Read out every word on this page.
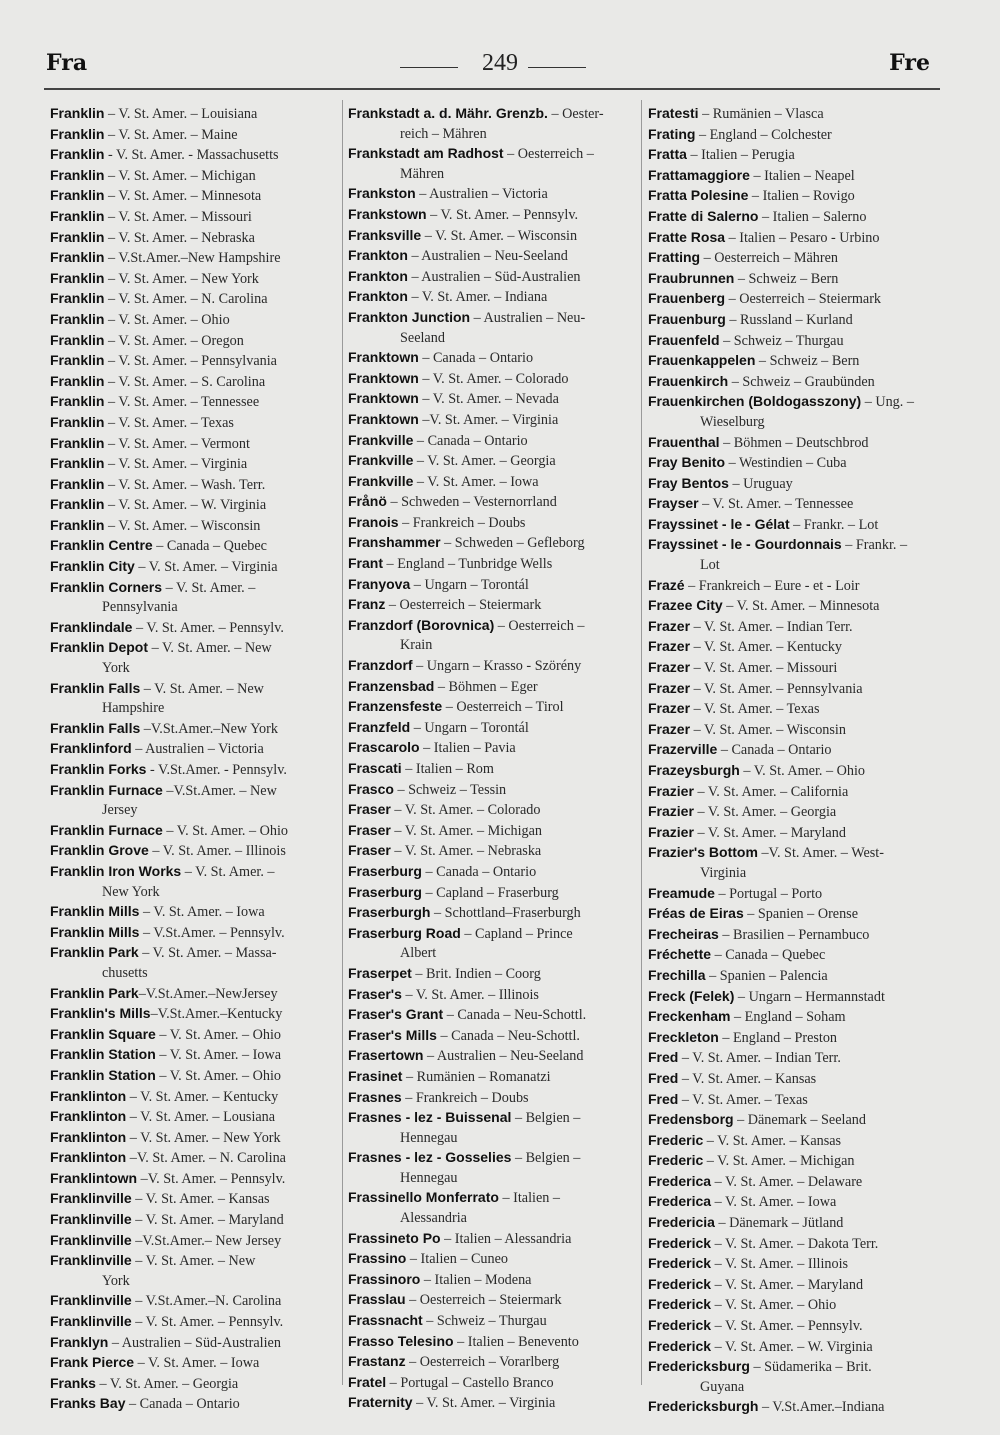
Fra	249	Fre
Franklin – V. St. Amer. – Louisiana
Franklin – V. St. Amer. – Maine
Franklin - V. St. Amer. - Massachusetts
Franklin – V. St. Amer. – Michigan
Franklin – V. St. Amer. – Minnesota
Franklin – V. St. Amer. – Missouri
Franklin – V. St. Amer. – Nebraska
Franklin – V.St.Amer.–New Hampshire
Franklin – V. St. Amer. – New York
Franklin – V. St. Amer. – N. Carolina
Franklin – V. St. Amer. – Ohio
Franklin – V. St. Amer. – Oregon
Franklin – V. St. Amer. – Pennsylvania
Franklin – V. St. Amer. – S. Carolina
Franklin – V. St. Amer. – Tennessee
Franklin – V. St. Amer. – Texas
Franklin – V. St. Amer. – Vermont
Franklin – V. St. Amer. – Virginia
Franklin – V. St. Amer. – Wash. Terr.
Franklin – V. St. Amer. – W. Virginia
Franklin – V. St. Amer. – Wisconsin
Franklin Centre – Canada – Quebec
Franklin City – V. St. Amer. – Virginia
Franklin Corners – V. St. Amer. –
Pennsylvania
Franklindale – V. St. Amer. – Pennsylv.
Franklin Depot – V. St. Amer. – New
York
Franklin Falls – V. St. Amer. – New
Hampshire
Franklin Falls –V.St.Amer.–New York
Franklinford – Australien – Victoria
Franklin Forks - V.St.Amer. - Pennsylv.
Franklin Furnace –V.St.Amer. – New
Jersey
Franklin Furnace – V. St. Amer. – Ohio
Franklin Grove – V. St. Amer. – Illinois
Franklin Iron Works – V. St. Amer. –
New York
Franklin Mills – V. St. Amer. – Iowa
Franklin Mills – V.St.Amer. – Pennsylv.
Franklin Park – V. St. Amer. – Massa-
chusetts
Franklin Park–V.St.Amer.–NewJersey
Franklin's Mills–V.St.Amer.–Kentucky
Franklin Square – V. St. Amer. – Ohio
Franklin Station – V. St. Amer. – Iowa
Franklin Station – V. St. Amer. – Ohio
Franklinton – V. St. Amer. – Kentucky
Franklinton – V. St. Amer. – Lousiana
Franklinton – V. St. Amer. – New York
Franklinton –V. St. Amer. – N. Carolina
Franklintown –V. St. Amer. – Pennsylv.
Franklinville – V. St. Amer. – Kansas
Franklinville – V. St. Amer. – Maryland
Franklinville –V.St.Amer.– New Jersey
Franklinville – V. St. Amer. – New
York
Franklinville – V.St.Amer.–N. Carolina
Franklinville – V. St. Amer. – Pennsylv.
Franklyn – Australien – Süd-Australien
Frank Pierce – V. St. Amer. – Iowa
Franks – V. St. Amer. – Georgia
Franks Bay – Canada – Ontario
Frankstadt a. d. Mähr. Grenzb. – Oester-
reich – Mähren
Frankstadt am Radhost – Oesterreich –
Mähren
Frankston – Australien – Victoria
Frankstown – V. St. Amer. – Pennsylv.
Franksville – V. St. Amer. – Wisconsin
Frankton – Australien – Neu-Seeland
Frankton – Australien – Süd-Australien
Frankton – V. St. Amer. – Indiana
Frankton Junction – Australien – Neu-
Seeland
Franktown – Canada – Ontario
Franktown – V. St. Amer. – Colorado
Franktown – V. St. Amer. – Nevada
Franktown –V. St. Amer. – Virginia
Frankville – Canada – Ontario
Frankville – V. St. Amer. – Georgia
Frankville – V. St. Amer. – Iowa
Frånö – Schweden – Vesternorrland
Franois – Frankreich – Doubs
Franshammer – Schweden – Gefleborg
Frant – England – Tunbridge Wells
Franyova – Ungarn – Torontál
Franz – Oesterreich – Steiermark
Franzdorf (Borovnica) – Oesterreich –
Krain
Franzdorf – Ungarn – Krasso - Szörény
Franzensbad – Böhmen – Eger
Franzensfeste – Oesterreich – Tirol
Franzfeld – Ungarn – Torontál
Frascarolo – Italien – Pavia
Frascati – Italien – Rom
Frasco – Schweiz – Tessin
Fraser – V. St. Amer. – Colorado
Fraser – V. St. Amer. – Michigan
Fraser – V. St. Amer. – Nebraska
Fraserburg – Canada – Ontario
Fraserburg – Capland – Fraserburg
Fraserburgh – Schottland–Fraserburgh
Fraserburg Road – Capland – Prince
Albert
Fraserpet – Brit. Indien – Coorg
Fraser's – V. St. Amer. – Illinois
Fraser's Grant – Canada – Neu-Schottl.
Fraser's Mills – Canada – Neu-Schottl.
Frasertown – Australien – Neu-Seeland
Frasinet – Rumänien – Romanatzi
Frasnes – Frankreich – Doubs
Frasnes - lez - Buissenal – Belgien –
Hennegau
Frasnes - lez - Gosselies – Belgien –
Hennegau
Frassinello Monferrato – Italien –
Alessandria
Frassineto Po – Italien – Alessandria
Frassino – Italien – Cuneo
Frassinoro – Italien – Modena
Frasslau – Oesterreich – Steiermark
Frassnacht – Schweiz – Thurgau
Frasso Telesino – Italien – Benevento
Frastanz – Oesterreich – Vorarlberg
Fratel – Portugal – Castello Branco
Fraternity – V. St. Amer. – Virginia
Fratesti – Rumänien – Vlasca
Frating – England – Colchester
Fratta – Italien – Perugia
Frattamaggiore – Italien – Neapel
Fratta Polesine – Italien – Rovigo
Fratte di Salerno – Italien – Salerno
Fratte Rosa – Italien – Pesaro - Urbino
Fratting – Oesterreich – Mähren
Fraubrunnen – Schweiz – Bern
Frauenberg – Oesterreich – Steiermark
Frauenburg – Russland – Kurland
Frauenfeld – Schweiz – Thurgau
Frauenkappelen – Schweiz – Bern
Frauenkirch – Schweiz – Graubünden
Frauenkirchen (Boldogasszony) – Ung. –
Wieselburg
Frauenthal – Böhmen – Deutschbrod
Fray Benito – Westindien – Cuba
Fray Bentos – Uruguay
Frayser – V. St. Amer. – Tennessee
Frayssinet - le - Gélat – Frankr. – Lot
Frayssinet - le - Gourdonnais – Frankr. –
Lot
Frazé – Frankreich – Eure - et - Loir
Frazee City – V. St. Amer. – Minnesota
Frazer – V. St. Amer. – Indian Terr.
Frazer – V. St. Amer. – Kentucky
Frazer – V. St. Amer. – Missouri
Frazer – V. St. Amer. – Pennsylvania
Frazer – V. St. Amer. – Texas
Frazer – V. St. Amer. – Wisconsin
Frazerville – Canada – Ontario
Frazeysburgh – V. St. Amer. – Ohio
Frazier – V. St. Amer. – California
Frazier – V. St. Amer. – Georgia
Frazier – V. St. Amer. – Maryland
Frazier's Bottom –V. St. Amer. – West-
Virginia
Freamude – Portugal – Porto
Fréas de Eiras – Spanien – Orense
Frecheiras – Brasilien – Pernambuco
Fréchette – Canada – Quebec
Frechilla – Spanien – Palencia
Freck (Felek) – Ungarn – Hermannstadt
Freckenham – England – Soham
Freckleton – England – Preston
Fred – V. St. Amer. – Indian Terr.
Fred – V. St. Amer. – Kansas
Fred – V. St. Amer. – Texas
Fredensborg – Dänemark – Seeland
Frederic – V. St. Amer. – Kansas
Frederic – V. St. Amer. – Michigan
Frederica – V. St. Amer. – Delaware
Frederica – V. St. Amer. – Iowa
Fredericia – Dänemark – Jütland
Frederick – V. St. Amer. – Dakota Terr.
Frederick – V. St. Amer. – Illinois
Frederick – V. St. Amer. – Maryland
Frederick – V. St. Amer. – Ohio
Frederick – V. St. Amer. – Pennsylv.
Frederick – V. St. Amer. – W. Virginia
Fredericksburg – Südamerika – Brit.
Guyana
Fredericksburgh – V.St.Amer.–Indiana
